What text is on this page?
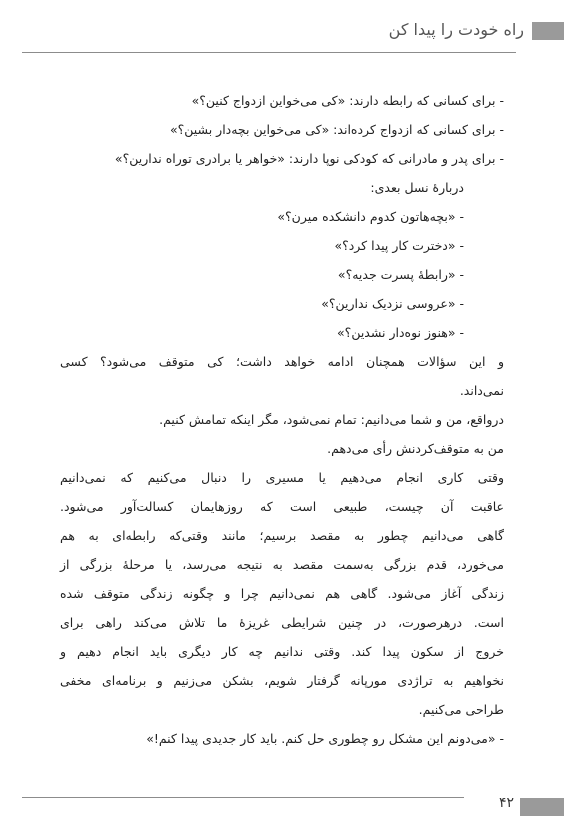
راه خودت را پیدا کن
- برای کسانی که رابطه دارند: «کی می‌خواین ازدواج کنین؟»
- برای کسانی که ازدواج کرده‌اند: «کی می‌خواین بچه‌دار بشین؟»
- برای پدر و مادرانی که کودکی نوپا دارند: «خواهر یا برادری توراه ندارین؟»
دربارهٔ نسل بعدی:
- «بچه‌هاتون کدوم دانشکده میرن؟»
- «دخترت کار پیدا کرد؟»
- «رابطهٔ پسرت جدیه؟»
- «عروسی نزدیک ندارین؟»
- «هنوز نوه‌دار نشدین؟»
و این سؤالات همچنان ادامه خواهد داشت؛ کی متوقف می‌شود؟ کسی
نمی‌داند.
درواقع، من و شما می‌دانیم: تمام نمی‌شود، مگر اینکه تمامش کنیم.
من به متوقف‌کردنش رأی می‌دهم.
وقتی کاری انجام می‌دهیم یا مسیری را دنبال می‌کنیم که نمی‌دانیم
عاقبت آن چیست، طبیعی است که روزهایمان کسالت‌آور می‌شود.
گاهی می‌دانیم چطور به مقصد برسیم؛ مانند وقتی‌که رابطه‌ای به هم
می‌خورد، قدم بزرگی به‌سمت مقصد به نتیجه می‌رسد، یا مرحلهٔ بزرگی از
زندگی آغاز می‌شود. گاهی هم نمی‌دانیم چرا و چگونه زندگی متوقف شده
است. درهرصورت، در چنین شرایطی غریزهٔ ما تلاش می‌کند راهی برای
خروج از سکون پیدا کند. وقتی ندانیم چه کار دیگری باید انجام دهیم و
نخواهیم به تراژدی مورپانه گرفتار شویم، بشکن می‌زنیم و برنامه‌ای مخفی
طراحی می‌کنیم.
- «می‌دونم این مشکل رو چطوری حل کنم. باید کار جدیدی پیدا کنم!»
۴۲
